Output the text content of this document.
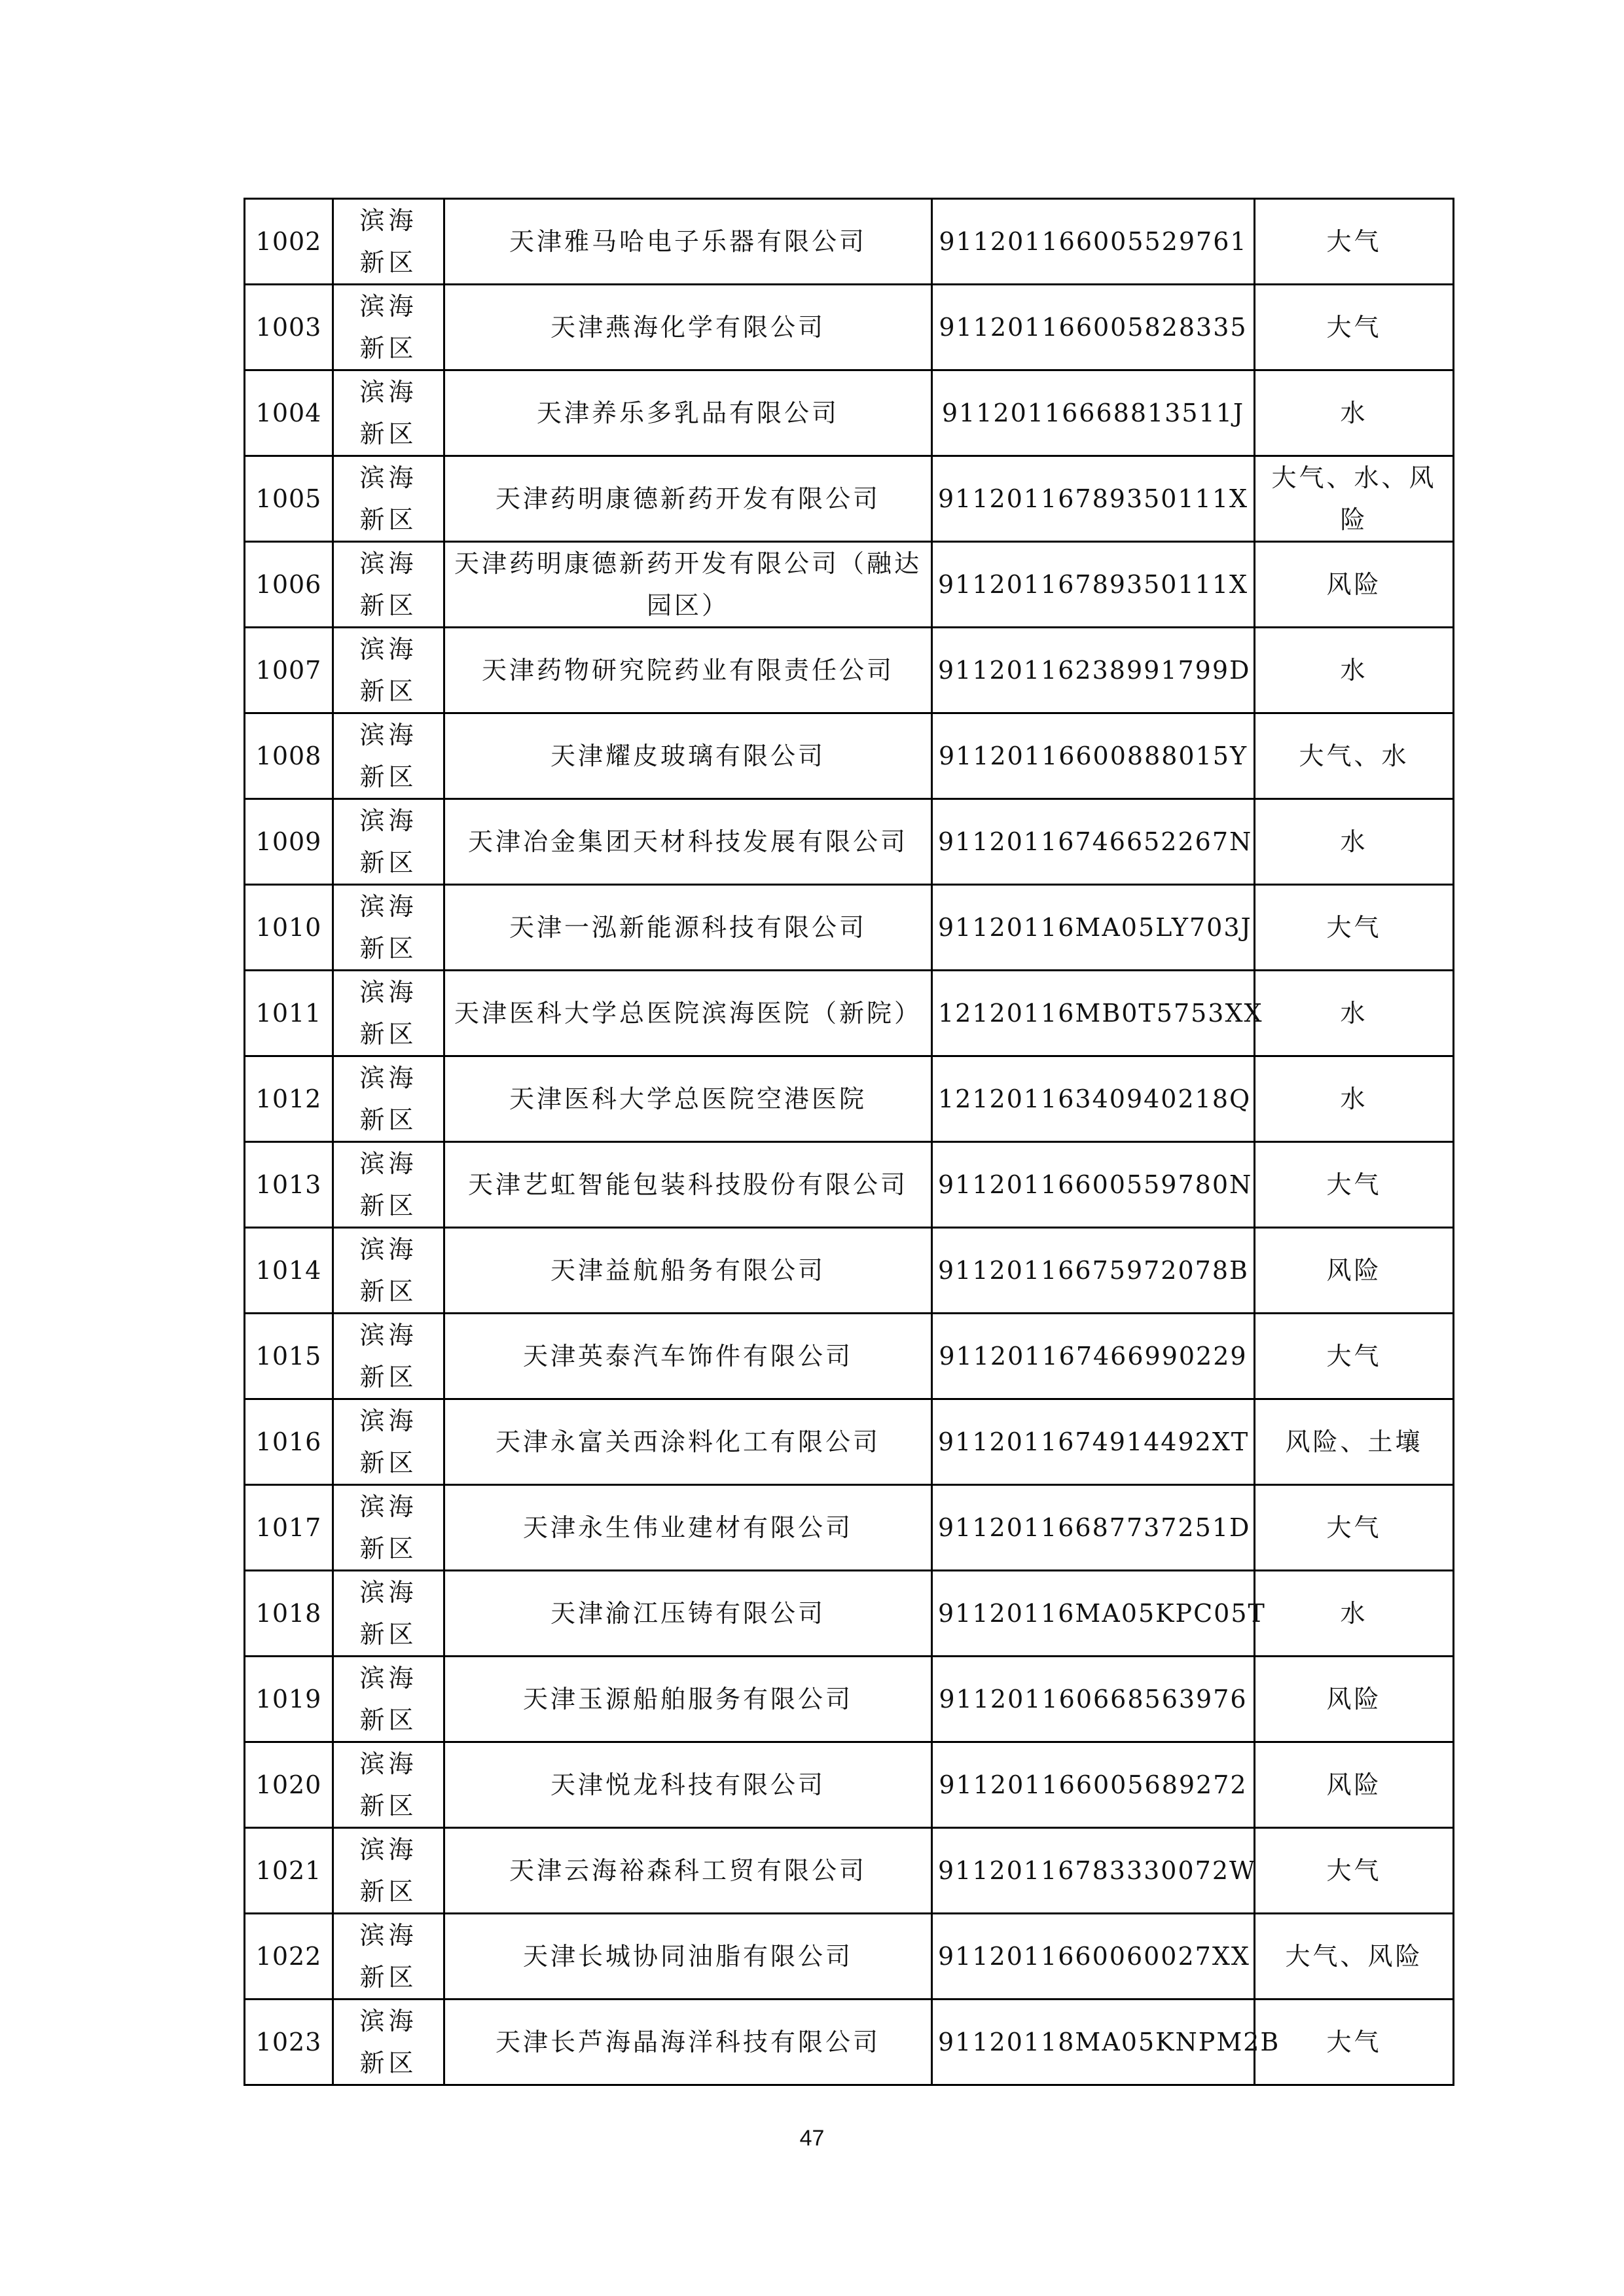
1002	滨海新区	天津雅马哈电子乐器有限公司	911201166005529761	大气
1003	滨海新区	天津燕海化学有限公司	911201166005828335	大气
1004	滨海新区	天津养乐多乳品有限公司	91120116668813511J	水
1005	滨海新区	天津药明康德新药开发有限公司	91120116789350111X	大气、水、风险
1006	滨海新区	天津药明康德新药开发有限公司（融达园区）	91120116789350111X	风险
1007	滨海新区	天津药物研究院药业有限责任公司	91120116238991799D	水
1008	滨海新区	天津耀皮玻璃有限公司	91120116600888015Y	大气、水
1009	滨海新区	天津冶金集团天材科技发展有限公司	91120116746652267N	水
1010	滨海新区	天津一泓新能源科技有限公司	91120116MA05LY703J	大气
1011	滨海新区	天津医科大学总医院滨海医院（新院）	12120116MB0T5753XX	水
1012	滨海新区	天津医科大学总医院空港医院	12120116340940218Q	水
1013	滨海新区	天津艺虹智能包装科技股份有限公司	91120116600559780N	大气
1014	滨海新区	天津益航船务有限公司	91120116675972078B	风险
1015	滨海新区	天津英泰汽车饰件有限公司	911201167466990229	大气
1016	滨海新区	天津永富关西涂料化工有限公司	9112011674914492XT	风险、土壤
1017	滨海新区	天津永生伟业建材有限公司	91120116687737251D	大气
1018	滨海新区	天津渝江压铸有限公司	91120116MA05KPC05T	水
1019	滨海新区	天津玉源船舶服务有限公司	911201160668563976	风险
1020	滨海新区	天津悦龙科技有限公司	911201166005689272	风险
1021	滨海新区	天津云海裕森科工贸有限公司	91120116783330072W	大气
1022	滨海新区	天津长城协同油脂有限公司	9112011660060027XX	大气、风险
1023	滨海新区	天津长芦海晶海洋科技有限公司	91120118MA05KNPM2B	大气
47
